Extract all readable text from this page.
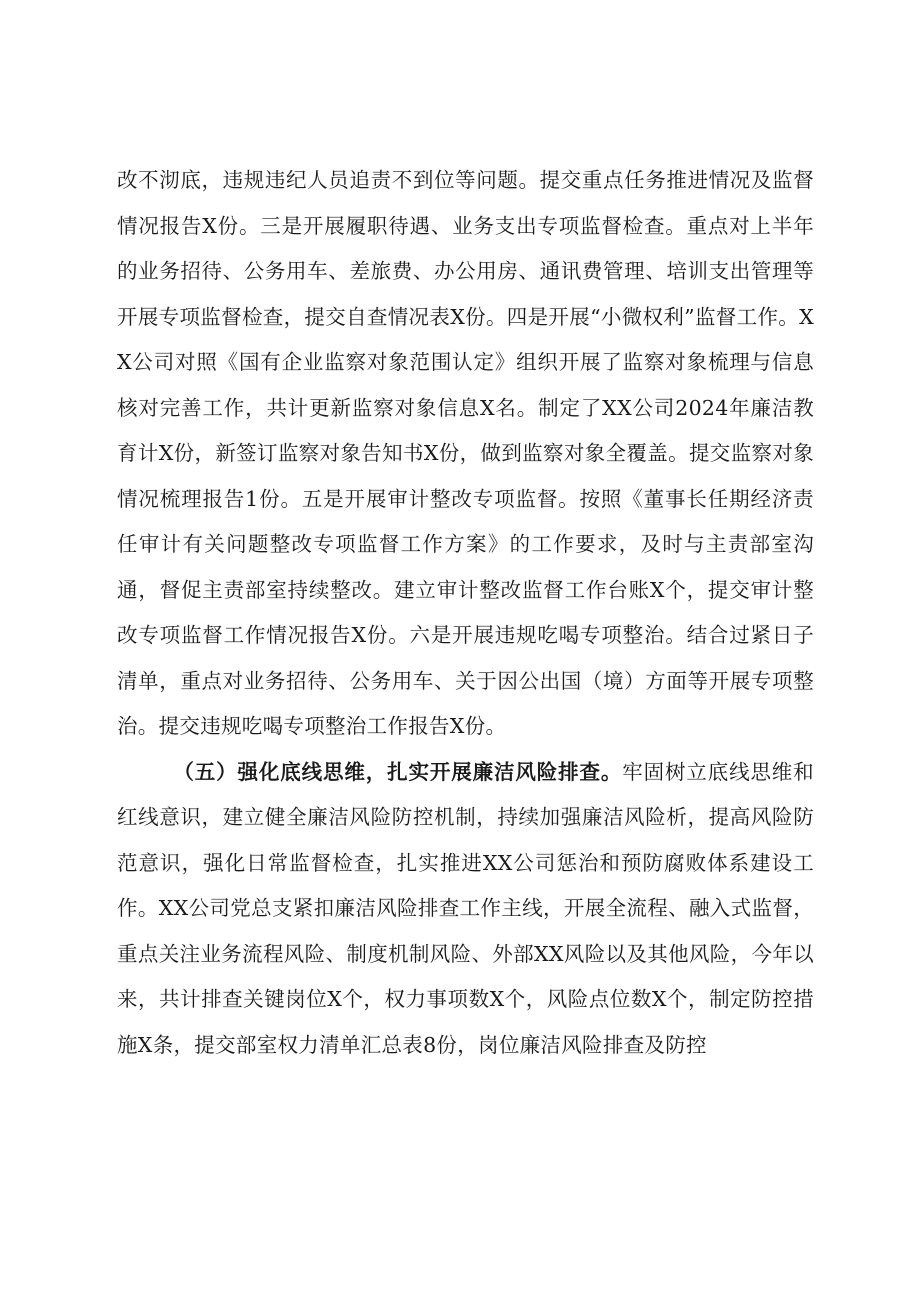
改不沏底，违规违纪人员追责不到位等问题。提交重点任务推进情况及监督情况报告X份。三是开展履职待遇、业务支出专项监督检查。重点对上半年的业务招待、公务用车、差旅费、办公用房、通讯费管理、培训支出管理等开展专项监督检查，提交自查情况表X份。四是开展“小微权利”监督工作。XX公司对照《国有企业监察对象范围认定》组织开展了监察对象梳理与信息核对完善工作，共计更新监察对象信息X名。制定了XX公司2024年廉洁教育计X份，新签订监察对象告知书X份，做到监察对象全覆盖。提交监察对象情况梳理报告1份。五是开展审计整改专项监督。按照《董事长任期经济责任审计有关问题整改专项监督工作方案》的工作要求，及时与主责部室沟通，督促主责部室持续整改。建立审计整改监督工作台账X个，提交审计整改专项监督工作情况报告X份。六是开展违规吃喝专项整治。结合过紧日子清单，重点对业务招待、公务用车、关于因公出国（境）方面等开展专项整治。提交违规吃喝专项整治工作报告X份。

（五）强化底线思维，扎实开展廉洁风险排查。牢固树立底线思维和红线意识，建立健全廉洁风险防控机制，持续加强廉洁风险析，提高风险防范意识，强化日常监督检查，扎实推进XX公司惩治和预防腐败体系建设工作。XX公司党总支紧扣廉洁风险排查工作主线，开展全流程、融入式监督，重点关注业务流程风险、制度机制风险、外部XX风险以及其他风险，今年以来，共计排查关键岗位X个，权力事项数X个，风险点位数X个，制定防控措施X条，提交部室权力清单汇总表8份，岗位廉洁风险排查及防控
